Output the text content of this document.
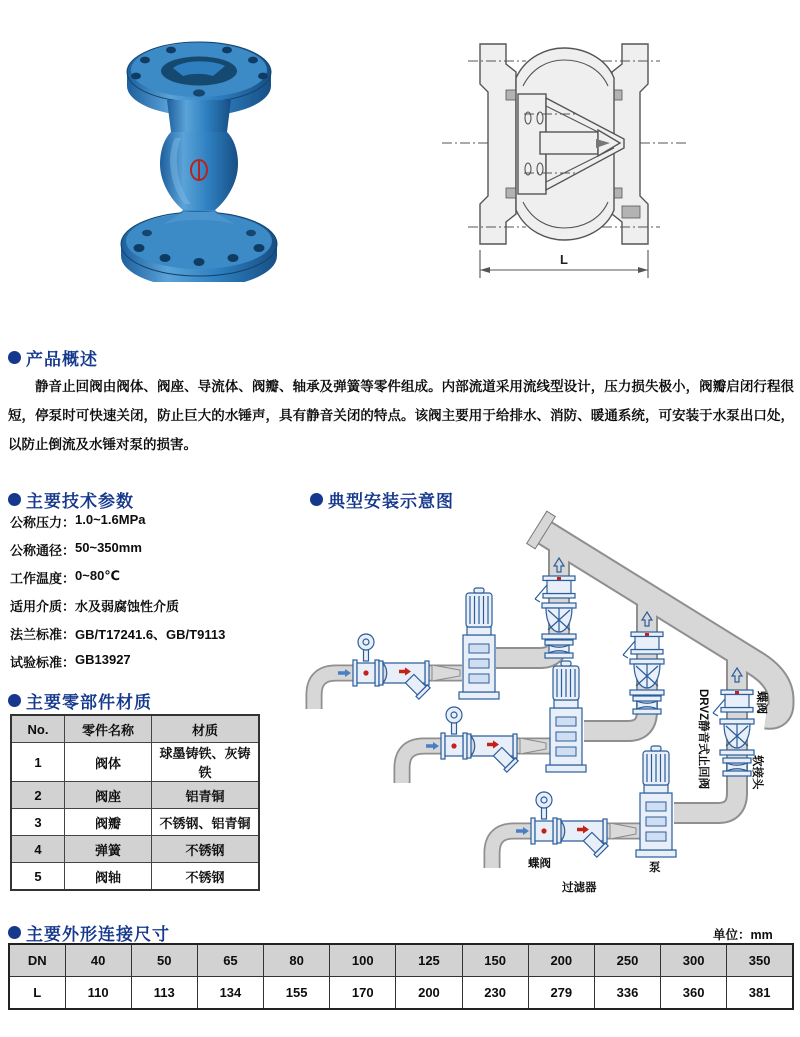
L
产品概述
静音止回阀由阀体、阀座、导流体、阀瓣、轴承及弹簧等零件组成。内部流道采用流线型设计，压力损失极小，阀瓣启闭行程很短，停泵时可快速关闭，防止巨大的水锤声，具有静音关闭的特点。该阀主要用于给排水、消防、暖通系统，可安装于水泵出口处，以防止倒流及水锤对泵的损害。
主要技术参数
公称压力： 1.0~1.6MPa
公称通径： 50~350mm
工作温度： 0~80℃
适用介质： 水及弱腐蚀性介质
法兰标准： GB/T17241.6、GB/T9113
试验标准： GB13927
典型安装示意图
蝶阀
过滤器
泵
DRVZ静音式止回阀	蝶阀
软接头
主要零部件材质
No.	零件名称	材质
1	阀体	球墨铸铁、灰铸铁
2	阀座	铝青铜
3	阀瓣	不锈钢、铝青铜
4	弹簧	不锈钢
5	阀轴	不锈钢
主要外形连接尺寸	单位：mm
DN	40	50	65	80	100	125	150	200	250	300	350
L	110	113	134	155	170	200	230	279	336	360	381
